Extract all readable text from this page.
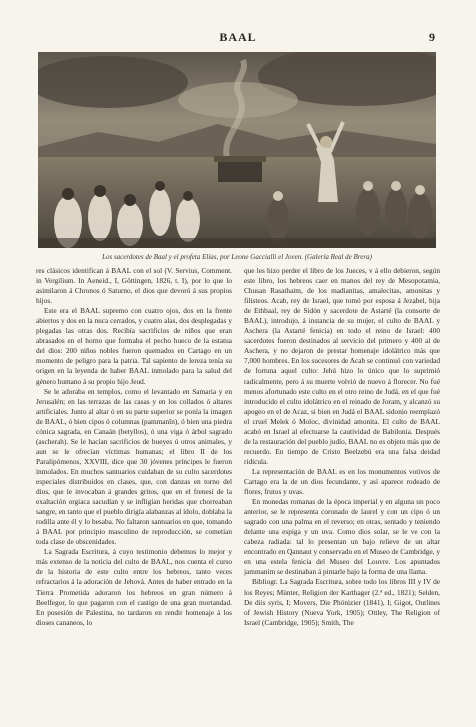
BAAL	9
Los sacerdotes de Baal y el profeta Elías, por Leone Gaccialli el Joven. (Galería Real de Brera)

res clásicos identifican á BAAL con el sol (V. Servius, Comment. in Vergilium. In Aeneid., I, Göttingen, 1826, t. I), por lo que lo asimilaron á Chronos ó Saturno, el dios que devoró á sus propios hijos.

Este era el BAAL supremo con cuatro ojos, dos en la frente abiertos y dos en la nuca cerrados, y cuatro alas, dos desplegadas y plegadas las otras dos. Recibía sacrificios de niños que eran abrasados en el horno que formaba el pecho hueco de la estatua del dios: 200 niños nobles fueron quemados en Cartago en un momento de peligro para la patria. Tal sapiento de lereza tenía su origen en la leyenda de haber BAAL inmolado para la salud del género humano á su propio hijo Jeud.

Se le adoraba en templos, como el levantado en Samaria y en Jerusalén; en las terrazas de las casas y en los collados ó altares artificiales. Junto al altar ó en su parte superior se ponía la imagen de BAAL, ó bien cipos ó columnas (pammanîn), ó bien una piedra cónica sagrada, en Canaán (betyllos), ó una viga ó árbol sagrado (ascherah). Se le hacían sacrificios de bueyes ú otros animales, y aun se le ofrecían víctimas humanas; el libro II de los Paralipómenos, XXVIII, dice que 30 jóvenes príncipes le fueron inmolados. En muchos santuarios cuidaban de su culto sacerdotes especiales distribuidos en clases, que, con danzas en torno del dios, que le invocaban á grandes gritos, que en el frenesí de la exaltación orgiaca sacudían y se infligían heridas que chorreaban sangre, en tanto que el pueblo dirigía alabanzas al ídolo, doblaba la rodilla ante él y lo besaba. No faltaron santuarios en que, tomando á BAAL por principio masculino de reproducción, se cometían toda clase de obscenidades.

La Sagrada Escritura, á cuyo testimonio debemos lo mejor y más extenso de la noticia del culto de BAAL, nos cuenta el curso de la historia de este culto entre los hebreos, tanto veces refractarios á la adoración de Jehová. Antes de haber entrado en la Tierra Prometida adoraron los hebreos en gran número á Beelfegor, lo que pagaron con el castigo de una gran mortandad. En posesión de Palestina, no tardaron en rendir homenaje á los dioses cananeos, lo

que les hizo perder el libro de los Jueces, v á ello debieron, según este libro, los hebreos caer en manos del rey de Mesopotamia, Chusan Rasathaim, de los madianitas, amalecitas, amonitas y filisteos. Acab, rey de Israel, que tomó por esposa á Jezabel, hija de Ethbaal, rey de Sidón y sacerdote de Astarté (la consorte de BAAL), introdujo, á instancia de su mujer, el culto de BAAL y Aschera (la Astarté fenicia) en todo el reino de Israel: 400 sacerdotes fueron destinados al servicio del primero y 400 al de Aschera, y no dejaron de prestar homenaje idolátrico más que 7,000 hombres. En los sucesores de Acab se continuó con variedad de fortuna aquel culto: Jehú hizo lo único que lo suprimió radicalmente, pero á su muerte volvió de nuevo á florecer. No fué menos afortunado este culto en el otro reino de Judá, en el que fué introducido el culto idolátrico en el reinado de Joram, y alcanzó su apogeo en el de Acaz, si bien en Judá el BAAL sidonio reemplazó el cruel Melek ó Moloc, divinidad amonita. El culto de BAAL acabó en Israel al efectuarse la cautividad de Babilonia. Después de la restauración del pueblo judío, BAAL no es objeto más que de recuerdo. En tiempo de Cristo Beelzebú era una falsa deidad ridícula.

La representación de BAAL es en los monumentos votivos de Cartago era la de un dios fecundante, y así aparece rodeado de flores, frutos y uvas.

En monedas romanas de la época imperial y en alguna un poco anterior, se le representa coronado de laurel y con un cipo ó un sagrado con una palma en el reverso; en otras, sentado y teniendo delante una espiga y un uva. Como dios solar, se le ve con la cabeza radiada: tal lo presentan un bajo relieve de un altar encontrado en Qannaut y conservado en el Museo de Cambridge, y en una estela fenicia del Museo del Louvre. Los apuntados jammanim se destinaban á pintarle bajo la forma de una llama.

Bibliogr. La Sagrada Escritura, sobre todo los libros III y IV de los Reyes; Münter, Religion der Karthager (2.ª ed., 1821); Selden, De diis syris, I; Movers, Die Phönizier (1841), I; Gigot, Outlines of Jewish History (Nueva York, 1905); Ottley, The Religion of Israel (Cambridge, 1905); Smith, The
